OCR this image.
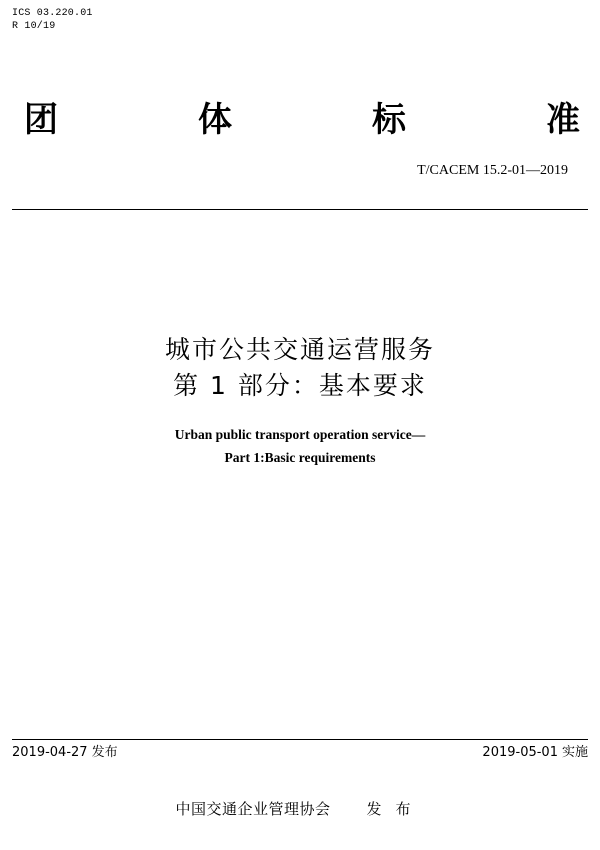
ICS 03.220.01
R 10/19
团	体	标	准
T/CACEM 15.2-01—2019
城市公共交通运营服务
第 1 部分：基本要求
Urban public transport operation service—
Part 1:Basic requirements
2019-04-27 发布	2019-05-01 实施
中国交通企业管理协会 发布
